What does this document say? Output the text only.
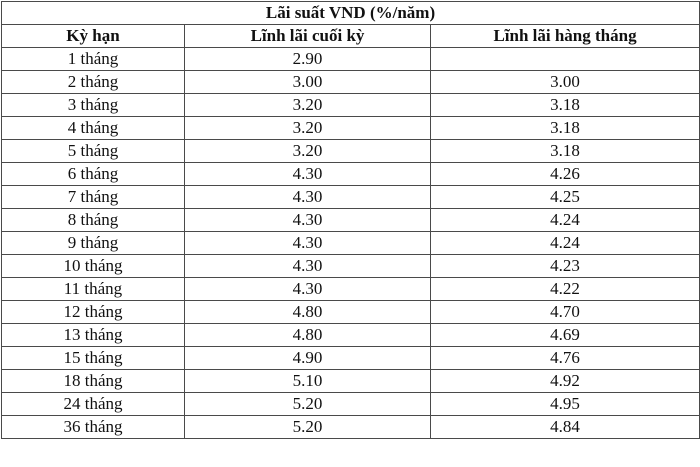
Lãi suất VND (%/năm)		
Kỳ hạn	Lĩnh lãi cuối kỳ	Lĩnh lãi hàng tháng
1 tháng	2.90	
2 tháng	3.00	3.00
3 tháng	3.20	3.18
4 tháng	3.20	3.18
5 tháng	3.20	3.18
6 tháng	4.30	4.26
7 tháng	4.30	4.25
8 tháng	4.30	4.24
9 tháng	4.30	4.24
10 tháng	4.30	4.23
11 tháng	4.30	4.22
12 tháng	4.80	4.70
13 tháng	4.80	4.69
15 tháng	4.90	4.76
18 tháng	5.10	4.92
24 tháng	5.20	4.95
36 tháng	5.20	4.84
